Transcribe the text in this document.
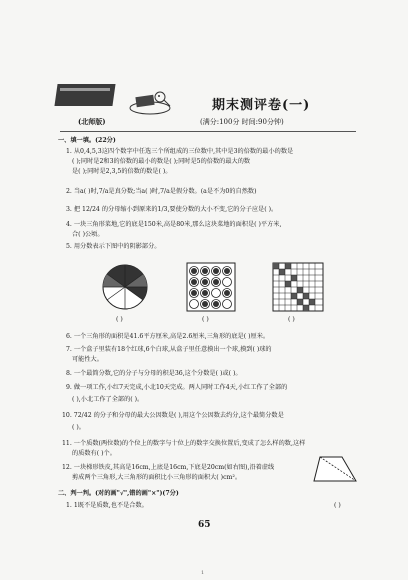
(北师版)
期末测评卷(一)
(满分:100分 时间:90分钟)
一、填一填。(22分)
1. 从0,4,5,3这四个数字中任选三个所组成的三位数中,其中是3的倍数的最小的数是
( );同时是2和3的倍数的最小的数是( );同时是5的倍数的最大的数
是( );同时是2,3,5的倍数的数是( )。
2. 当a( )时,7/a是真分数;当a( )时,7/a是假分数。(a是不为0的自然数)
3. 把 12/24 的分母缩小到原来的1/3,要使分数的大小不变,它的分子应是( )。
4. 一块三角形菜地,它的底是150米,高是80米,那么这块菜地的面积是( )平方米,
合( )公顷。
5. 用分数表示下图中的阴影部分。
( )	( )	( )
6. 一个三角形的面积是41.6平方厘米,高是2.6厘米,三角形的底是( )厘米。
7. 一个盒子里装有18个红球,6个白球,从盒子里任意摸出一个球,摸到( )球的
可能性大。
8. 一个最简分数,它的分子与分母的积是36,这个分数是( )或( )。
9. 做一项工作,小红7天完成,小北10天完成。两人同时工作4天,小红工作了全部的
( ),小北工作了全部的( )。
10. 72/42 的分子和分母的最大公因数是( ),用这个公因数去约分,这个最简分数是
( )。
11. 一个质数(两位数)的个位上的数字与十位上的数字交换位置后,变成了怎么样的数,这样
的质数有( )个。
12. 一块梯形铁皮,其高是16cm,上底是16cm,下底是20cm(如右图),沿着虚线
剪成两个三角形,大三角形的面积比小三角形的面积大( )cm²。
二、判一判。(对的画"√",错的画"×")(7分)
1. 1既不是质数,也不是合数。	( )
65
1
